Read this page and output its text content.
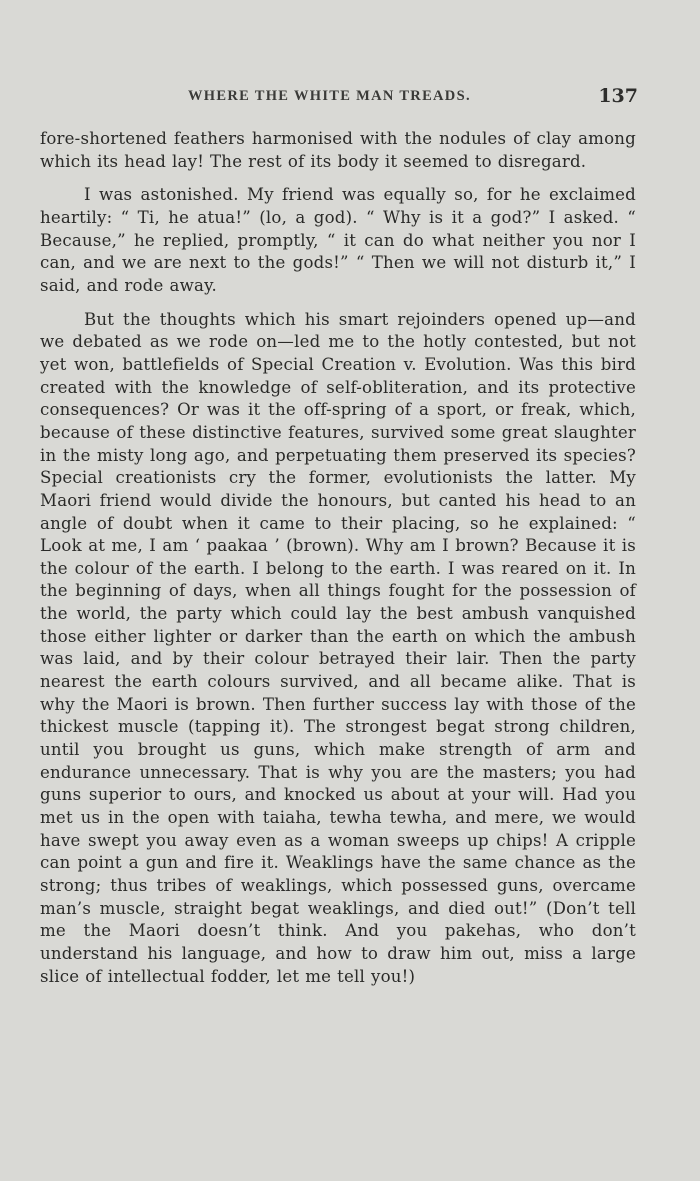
WHERE THE WHITE MAN TREADS.	137

fore-shortened feathers harmonised with the nodules of clay among which its head lay! The rest of its body it seemed to disregard.

I was astonished. My friend was equally so, for he exclaimed heartily: “ Ti, he atua!” (lo, a god). “ Why is it a god?” I asked. “ Because,” he replied, promptly, “ it can do what neither you nor I can, and we are next to the gods!” “ Then we will not disturb it,” I said, and rode away.

But the thoughts which his smart rejoinders opened up—and we debated as we rode on—led me to the hotly contested, but not yet won, battlefields of Special Creation v. Evolution. Was this bird created with the knowledge of self-obliteration, and its protective consequences? Or was it the off-spring of a sport, or freak, which, because of these distinctive features, survived some great slaughter in the misty long ago, and perpetuating them preserved its species? Special creationists cry the former, evolutionists the latter. My Maori friend would divide the honours, but canted his head to an angle of doubt when it came to their placing, so he explained: “ Look at me, I am ‘ paakaa ’ (brown). Why am I brown? Because it is the colour of the earth. I belong to the earth. I was reared on it. In the beginning of days, when all things fought for the possession of the world, the party which could lay the best ambush vanquished those either lighter or darker than the earth on which the ambush was laid, and by their colour betrayed their lair. Then the party nearest the earth colours survived, and all became alike. That is why the Maori is brown. Then further success lay with those of the thickest muscle (tapping it). The strongest begat strong children, until you brought us guns, which make strength of arm and endurance unnecessary. That is why you are the masters; you had guns superior to ours, and knocked us about at your will. Had you met us in the open with taiaha, tewha tewha, and mere, we would have swept you away even as a woman sweeps up chips! A cripple can point a gun and fire it. Weaklings have the same chance as the strong; thus tribes of weaklings, which possessed guns, overcame man’s muscle, straight begat weaklings, and died out!” (Don’t tell me the Maori doesn’t think. And you pakehas, who don’t understand his language, and how to draw him out, miss a large slice of intellectual fodder, let me tell you!)
